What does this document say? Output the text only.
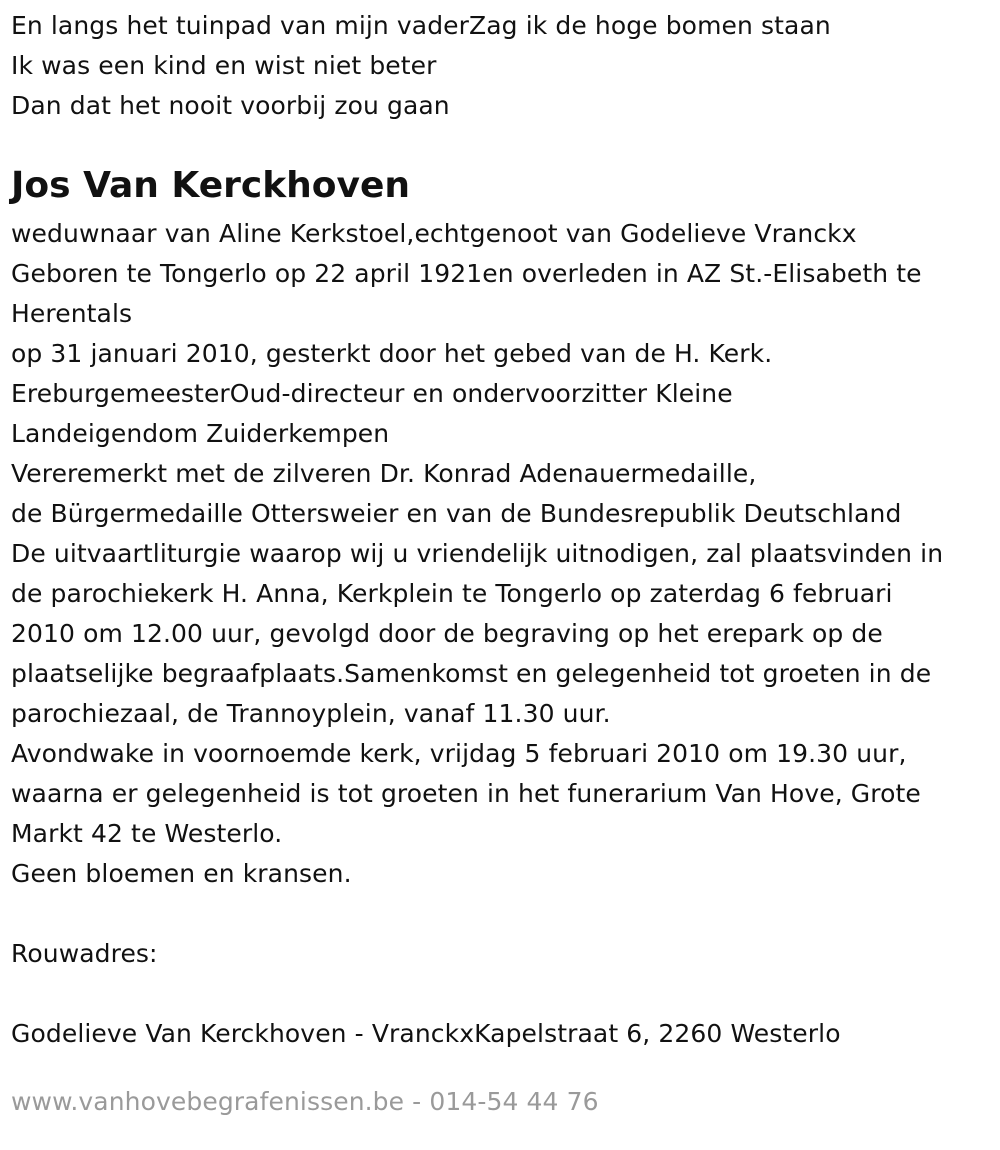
En langs het tuinpad van mijn vaderZag ik de hoge bomen staan
Ik was een kind en wist niet beter
Dan dat het nooit voorbij zou gaan
Jos Van Kerckhoven
weduwnaar van Aline Kerkstoel,echtgenoot van Godelieve Vranckx
Geboren te Tongerlo op 22 april 1921en overleden in AZ St.-Elisabeth te
Herentals
op 31 januari 2010, gesterkt door het gebed van de H. Kerk.
EreburgemeesterOud-directeur en ondervoorzitter Kleine
Landeigendom Zuiderkempen
Vereremerkt met de zilveren Dr. Konrad Adenauermedaille,
de Bürgermedaille Ottersweier en van de Bundesrepublik Deutschland
De uitvaartliturgie waarop wij u vriendelijk uitnodigen, zal plaatsvinden in
de parochiekerk H. Anna, Kerkplein te Tongerlo op zaterdag 6 februari
2010 om 12.00 uur, gevolgd door de begraving op het erepark op de
plaatselijke begraafplaats.Samenkomst en gelegenheid tot groeten in de
parochiezaal, de Trannoyplein, vanaf 11.30 uur.
Avondwake in voornoemde kerk, vrijdag 5 februari 2010 om 19.30 uur,
waarna er gelegenheid is tot groeten in het funerarium Van Hove, Grote
Markt 42 te Westerlo.
Geen bloemen en kransen.
Rouwadres:
Godelieve Van Kerckhoven - VranckxKapelstraat 6, 2260 Westerlo
www.vanhovebegrafenissen.be - 014-54 44 76
